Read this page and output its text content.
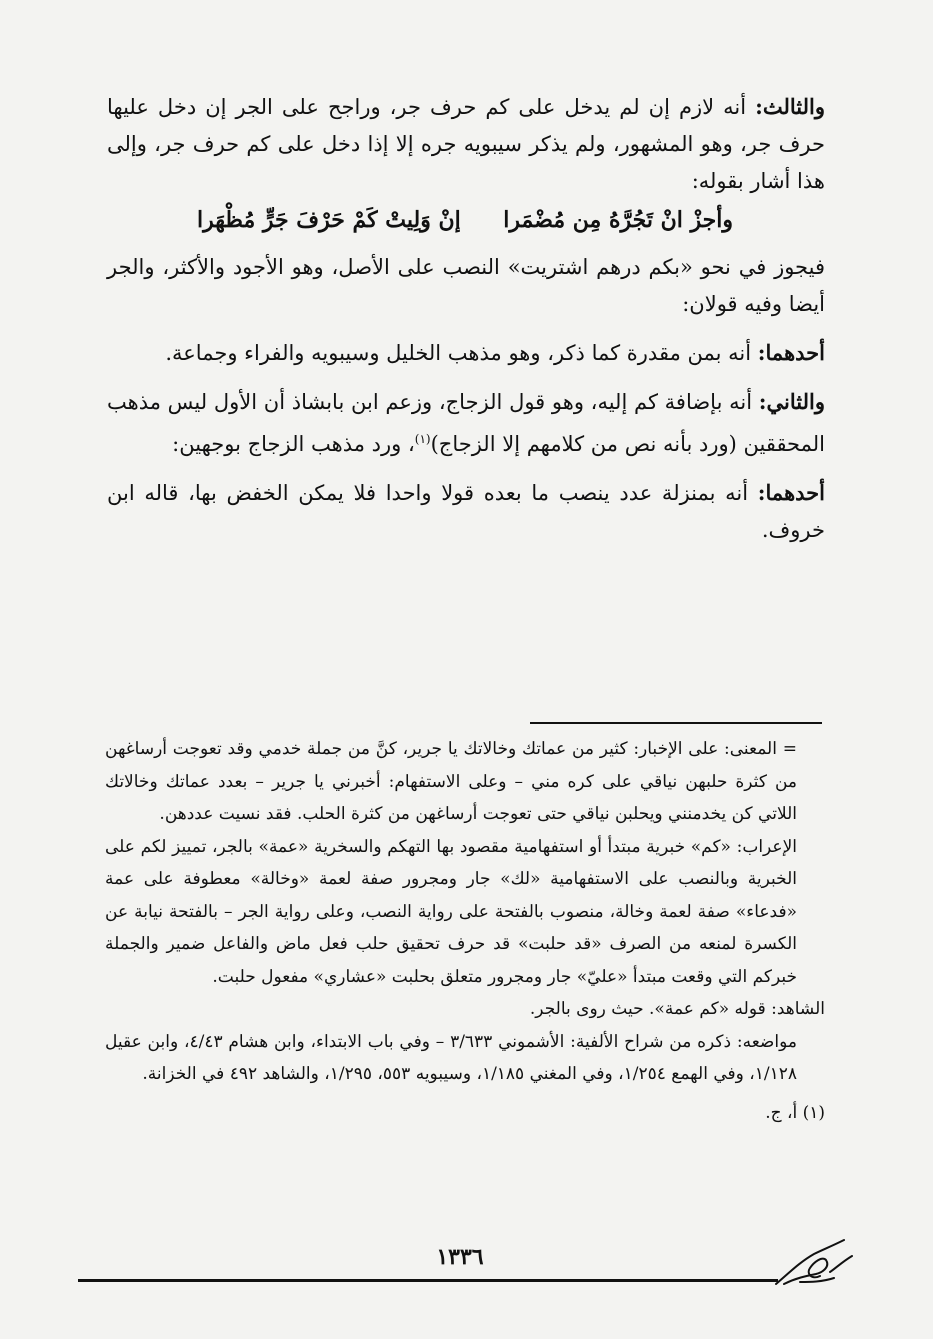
والثالث: أنه لازم إن لم يدخل على كم حرف جر، وراجح على الجر إن دخل عليها حرف جر، وهو المشهور، ولم يذكر سيبويه جره إلا إذا دخل على كم حرف جر، وإلى هذا أشار بقوله:

وأجزْ انْ تَجُرَّهُ مِن مُضْمَرا
إنْ وَلِيتْ كَمْ حَرْفَ جَرٍّ مُظْهَرا

فيجوز في نحو «بكم درهم اشتريت» النصب على الأصل، وهو الأجود والأكثر، والجر أيضا وفيه قولان:

أحدهما: أنه بمن مقدرة كما ذكر، وهو مذهب الخليل وسيبويه والفراء وجماعة.

والثاني: أنه بإضافة كم إليه، وهو قول الزجاج، وزعم ابن بابشاذ أن الأول ليس مذهب المحققين (ورد بأنه نص من كلامهم إلا الزجاج)$^{(١)}$، ورد مذهب الزجاج بوجهين:

أحدهما: أنه بمنزلة عدد ينصب ما بعده قولا واحدا فلا يمكن الخفض بها، قاله ابن خروف.

= المعنى: على الإخبار: كثير من عماتك وخالاتك يا جرير، كنَّ من جملة خدمي وقد تعوجت أرساغهن من كثرة حلبهن نياقي على كره مني – وعلى الاستفهام: أخبرني يا جرير – بعدد عماتك وخالاتك اللاتي كن يخدمنني ويحلبن نياقي حتى تعوجت أرساغهن من كثرة الحلب. فقد نسيت عددهن.

الإعراب: «كم» خبرية مبتدأ أو استفهامية مقصود بها التهكم والسخرية «عمة» بالجر، تمييز لكم على الخبرية وبالنصب على الاستفهامية «لك» جار ومجرور صفة لعمة «وخالة» معطوفة على عمة «فدعاء» صفة لعمة وخالة، منصوب بالفتحة على رواية النصب، وعلى رواية الجر – بالفتحة نيابة عن الكسرة لمنعه من الصرف «قد حلبت» قد حرف تحقيق حلب فعل ماض والفاعل ضمير والجملة خبركم التي وقعت مبتدأ «عليّ» جار ومجرور متعلق بحلبت «عشاري» مفعول حلبت.

الشاهد: قوله «كم عمة». حيث روى بالجر.

مواضعه: ذكره من شراح الألفية: الأشموني ٣/٦٣٣ – وفي باب الابتداء، وابن هشام ٤/٤٣، وابن عقيل ١/١٢٨، وفي الهمع ١/٢٥٤، وفي المغني ١/١٨٥، وسيبويه ٥٥٣، ١/٢٩٥، والشاهد ٤٩٢ في الخزانة.

(١) أ، ج.

١٣٣٦
